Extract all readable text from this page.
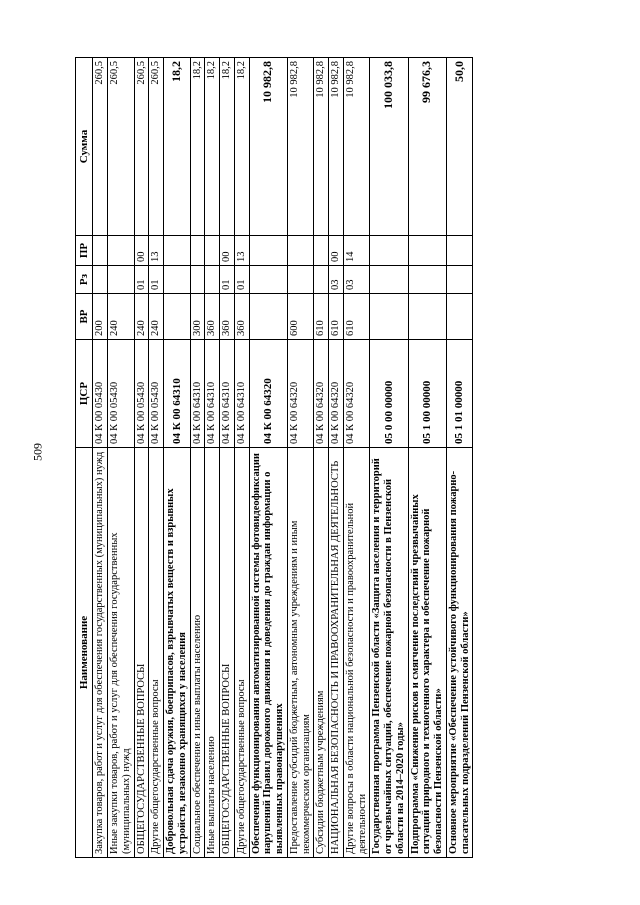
509
Наименование	ЦСР	ВР	Рз	ПР	Сумма
Закупка товаров, работ и услуг для обеспечения государственных (муниципальных) нужд	04 К 00 05430	200			260,5
Иные закупки товаров, работ и услуг для обеспечения государственных (муниципальных) нужд	04 К 00 05430	240			260,5
ОБЩЕГОСУДАРСТВЕННЫЕ ВОПРОСЫ	04 К 00 05430	240	01	00	260,5
Другие общегосударственные вопросы	04 К 00 05430	240	01	13	260,5
Добровольная сдача оружия, боеприпасов, взрывчатых веществ и взрывных устройств, незаконно хранящихся у населения	04 К 00 64310				18,2
Социальное обеспечение и иные выплаты населению	04 К 00 64310	300			18,2
Иные выплаты населению	04 К 00 64310	360			18,2
ОБЩЕГОСУДАРСТВЕННЫЕ ВОПРОСЫ	04 К 00 64310	360	01	00	18,2
Другие общегосударственные вопросы	04 К 00 64310	360	01	13	18,2
Обеспечение функционирования автоматизированной системы фотовидеофиксации нарушений Правил дорожного движения и доведения до граждан информации о выявленных правонарушениях	04 К 00 64320				10 982,8
Предоставление субсидий бюджетным, автономным учреждениям и иным некоммерческим организациям	04 К 00 64320	600			10 982,8
Субсидии бюджетным учреждениям	04 К 00 64320	610			10 982,8
НАЦИОНАЛЬНАЯ БЕЗОПАСНОСТЬ И ПРАВООХРАНИТЕЛЬНАЯ ДЕЯТЕЛЬНОСТЬ	04 К 00 64320	610	03	00	10 982,8
Другие вопросы в области национальной безопасности и правоохранительной деятельности	04 К 00 64320	610	03	14	10 982,8
Государственная программа Пензенской области «Защита населения и территорий от чрезвычайных ситуаций, обеспечение пожарной безопасности в Пензенской области на 2014–2020 годы»	05 0 00 00000				100 033,8
Подпрограмма «Снижение рисков и смягчение последствий чрезвычайных ситуаций природного и техногенного характера и обеспечение пожарной безопасности Пензенской области»	05 1 00 00000				99 676,3
Основное мероприятие «Обеспечение устойчивого функционирования пожарно-спасательных подразделений Пензенской области»	05 1 01 00000				50,0
